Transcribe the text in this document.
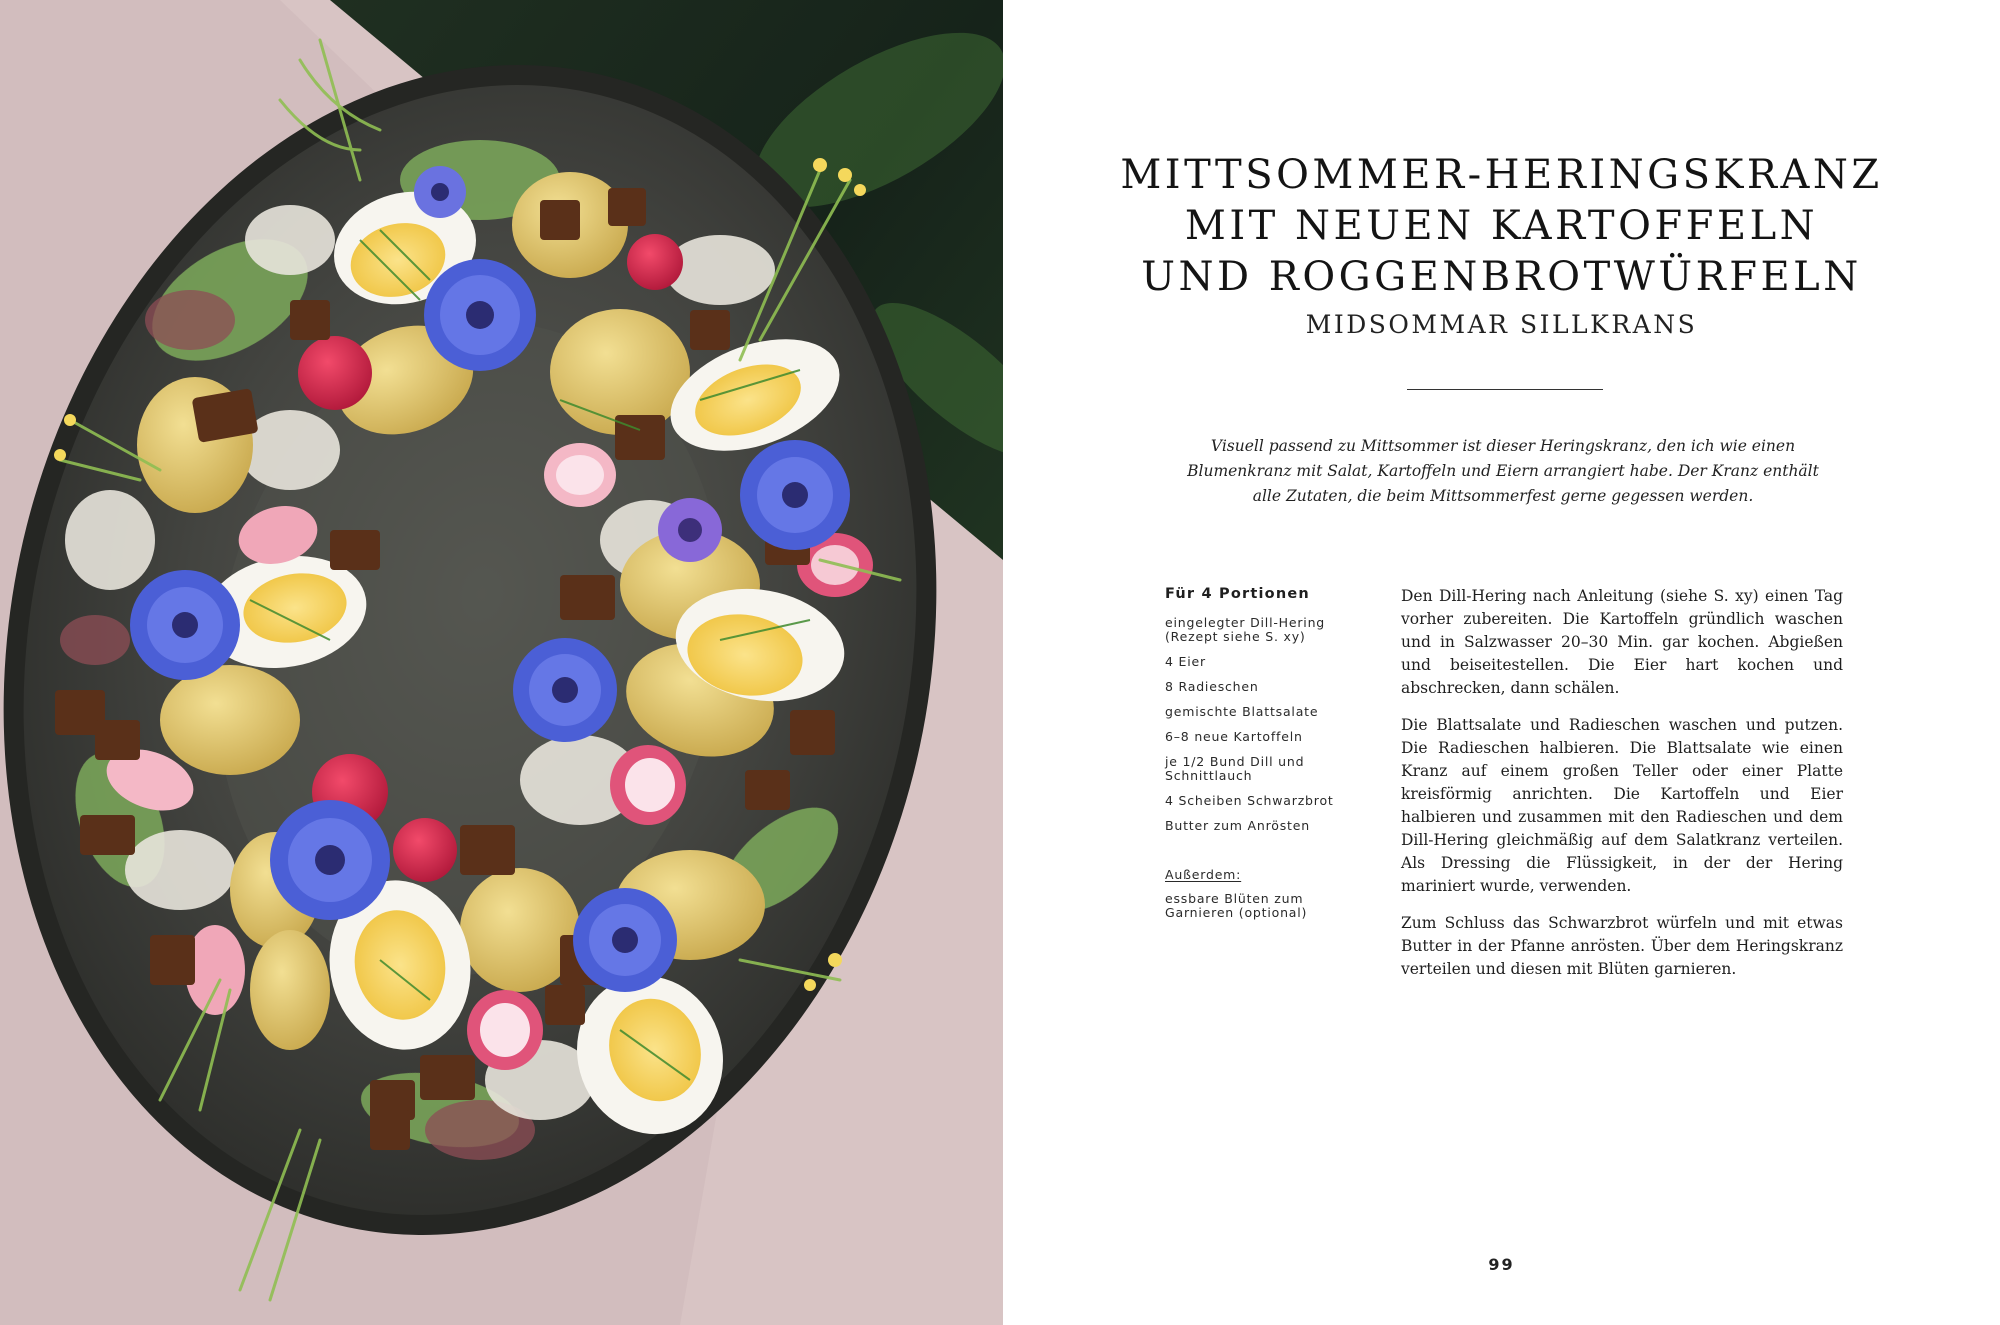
MITTSOMMER-HERINGSKRANZ
MIT NEUEN KARTOFFELN
UND ROGGENBROTWÜRFELN
MIDSOMMAR SILLKRANS

Visuell passend zu Mittsommer ist dieser Heringskranz, den ich wie einen Blumenkranz mit Salat, Kartoffeln und Eiern arrangiert habe. Der Kranz enthält alle Zutaten, die beim Mittsommerfest gerne gegessen werden.

Für 4 Portionen
eingelegter Dill-Hering (Rezept siehe S. xy)
4 Eier
8 Radieschen
gemischte Blattsalate
6–8 neue Kartoffeln
je 1/2 Bund Dill und Schnittlauch
4 Scheiben Schwarzbrot
Butter zum Anrösten
Außerdem:
essbare Blüten zum Garnieren (optional)

Den Dill-Hering nach Anleitung (siehe S. xy) einen Tag vorher zubereiten. Die Kartoffeln gründlich waschen und in Salzwasser 20–30 Min. gar kochen. Abgießen und beiseitestellen. Die Eier hart kochen und abschrecken, dann schälen.

Die Blattsalate und Radieschen waschen und putzen. Die Radieschen halbieren. Die Blattsalate wie einen Kranz auf einem großen Teller oder einer Platte kreisförmig anrichten. Die Kartoffeln und Eier halbieren und zusammen mit den Radieschen und dem Dill-Hering gleichmäßig auf dem Salatkranz verteilen. Als Dressing die Flüssigkeit, in der der Hering mariniert wurde, verwenden.

Zum Schluss das Schwarzbrot würfeln und mit etwas Butter in der Pfanne anrösten. Über dem Heringskranz verteilen und diesen mit Blüten garnieren.

99
